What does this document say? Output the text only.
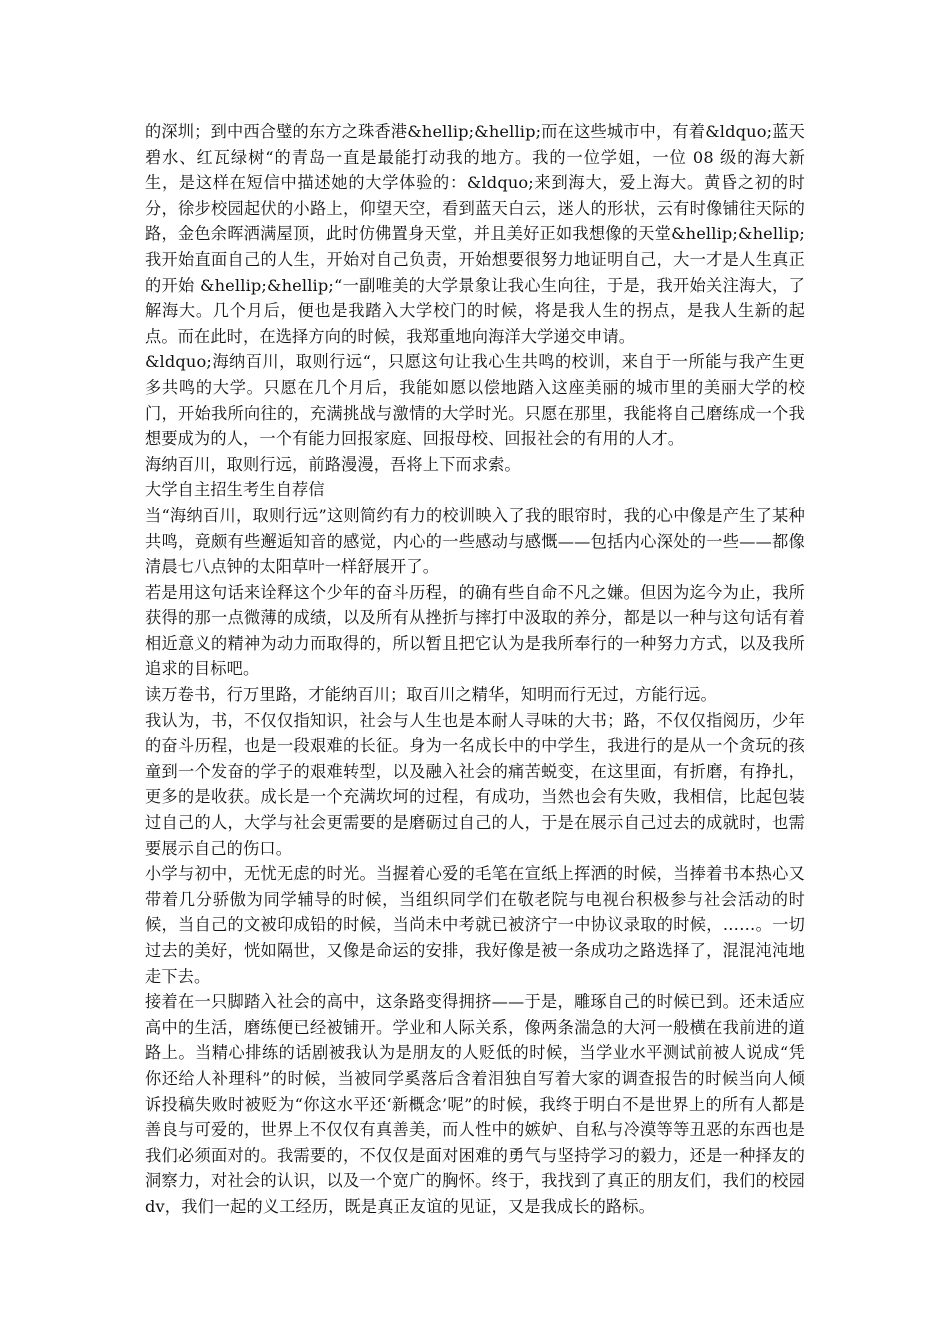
的深圳；到中西合璧的东方之珠香港&hellip;&hellip;而在这些城市中，有着&ldquo;蓝天碧水、红瓦绿树“的青岛一直是最能打动我的地方。我的一位学姐，一位 08 级的海大新生，是这样在短信中描述她的大学体验的：&ldquo;来到海大，爱上海大。黄昏之初的时分，徐步校园起伏的小路上，仰望天空，看到蓝天白云，迷人的形状，云有时像铺往天际的路，金色余晖洒满屋顶，此时仿佛置身天堂，并且美好正如我想像的天堂&hellip;&hellip;我开始直面自己的人生，开始对自己负责，开始想要很努力地证明自己，大一才是人生真正的开始 &hellip;&hellip;“一副唯美的大学景象让我心生向往，于是，我开始关注海大，了解海大。几个月后，便也是我踏入大学校门的时候，将是我人生的拐点，是我人生新的起点。而在此时，在选择方向的时候，我郑重地向海洋大学递交申请。

&ldquo;海纳百川，取则行远“，只愿这句让我心生共鸣的校训，来自于一所能与我产生更多共鸣的大学。只愿在几个月后，我能如愿以偿地踏入这座美丽的城市里的美丽大学的校门，开始我所向往的，充满挑战与激情的大学时光。只愿在那里，我能将自己磨练成一个我想要成为的人，一个有能力回报家庭、回报母校、回报社会的有用的人才。

海纳百川，取则行远，前路漫漫，吾将上下而求索。

大学自主招生考生自荐信

当“海纳百川，取则行远”这则简约有力的校训映入了我的眼帘时，我的心中像是产生了某种共鸣，竟颇有些邂逅知音的感觉，内心的一些感动与感慨——包括内心深处的一些——都像清晨七八点钟的太阳草叶一样舒展开了。

若是用这句话来诠释这个少年的奋斗历程，的确有些自命不凡之嫌。但因为迄今为止，我所获得的那一点微薄的成绩，以及所有从挫折与摔打中汲取的养分，都是以一种与这句话有着相近意义的精神为动力而取得的，所以暂且把它认为是我所奉行的一种努力方式，以及我所追求的目标吧。

读万卷书，行万里路，才能纳百川；取百川之精华，知明而行无过，方能行远。

我认为，书，不仅仅指知识，社会与人生也是本耐人寻味的大书；路，不仅仅指阅历，少年的奋斗历程，也是一段艰难的长征。身为一名成长中的中学生，我进行的是从一个贪玩的孩童到一个发奋的学子的艰难转型，以及融入社会的痛苦蜕变，在这里面，有折磨，有挣扎，更多的是收获。成长是一个充满坎坷的过程，有成功，当然也会有失败，我相信，比起包装过自己的人，大学与社会更需要的是磨砺过自己的人，于是在展示自己过去的成就时，也需要展示自己的伤口。

小学与初中，无忧无虑的时光。当握着心爱的毛笔在宣纸上挥洒的时候，当捧着书本热心又带着几分骄傲为同学辅导的时候，当组织同学们在敬老院与电视台积极参与社会活动的时候，当自己的文被印成铅的时候，当尚未中考就已被济宁一中协议录取的时候，……。一切过去的美好，恍如隔世，又像是命运的安排，我好像是被一条成功之路选择了，混混沌沌地走下去。

接着在一只脚踏入社会的高中，这条路变得拥挤——于是，雕琢自己的时候已到。还未适应高中的生活，磨练便已经被铺开。学业和人际关系，像两条湍急的大河一般横在我前进的道路上。当精心排练的话剧被我认为是朋友的人贬低的时候，当学业水平测试前被人说成“凭你还给人补理科”的时候，当被同学奚落后含着泪独自写着大家的调查报告的时候当向人倾诉投稿失败时被贬为“你这水平还‘新概念’呢”的时候，我终于明白不是世界上的所有人都是善良与可爱的，世界上不仅仅有真善美，而人性中的嫉妒、自私与冷漠等等丑恶的东西也是我们必须面对的。我需要的，不仅仅是面对困难的勇气与坚持学习的毅力，还是一种择友的洞察力，对社会的认识，以及一个宽广的胸怀。终于，我找到了真正的朋友们，我们的校园 dv，我们一起的义工经历，既是真正友谊的见证，又是我成长的路标。
